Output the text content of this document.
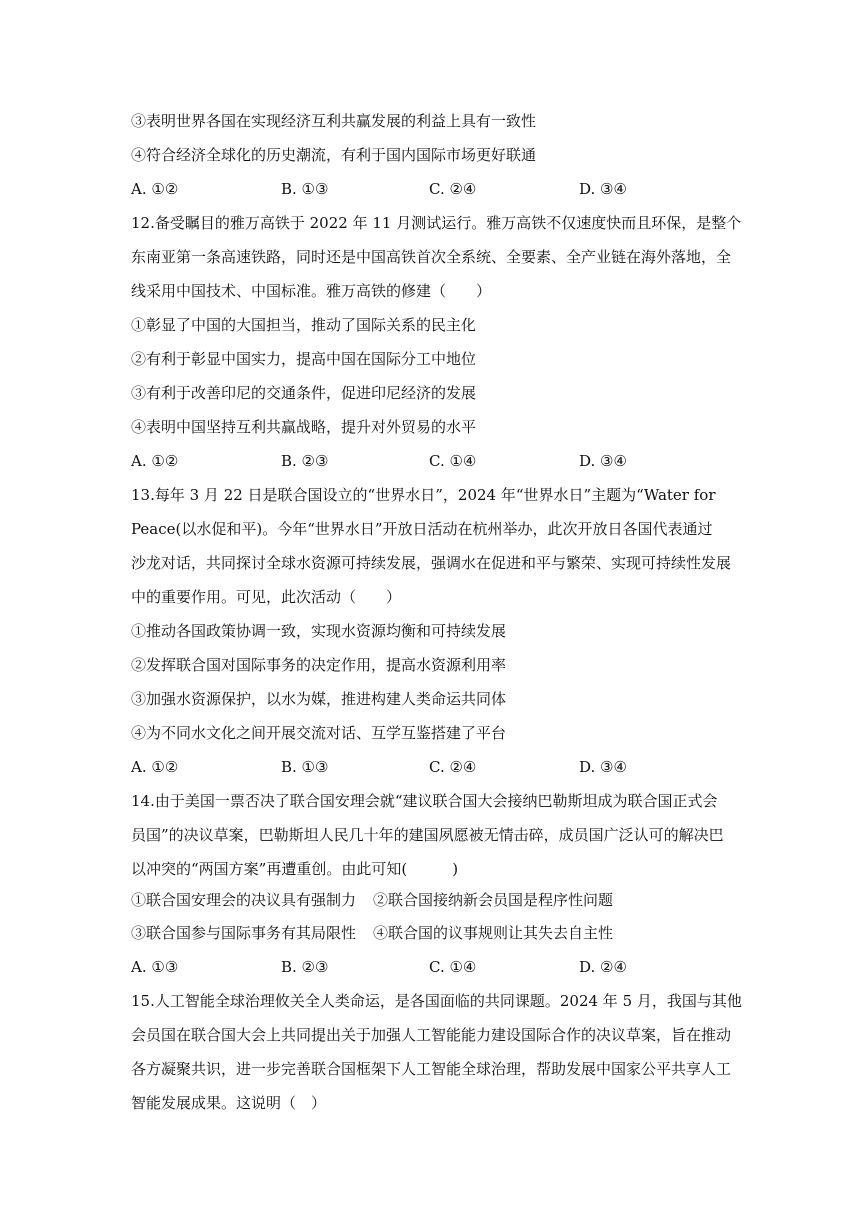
③表明世界各国在实现经济互利共赢发展的利益上具有一致性
④符合经济全球化的历史潮流，有利于国内国际市场更好联通
A. ①②	B. ①③	C. ②④	D. ③④
12.备受瞩目的雅万高铁于 2022 年 11 月测试运行。雅万高铁不仅速度快而且环保，是整个
东南亚第一条高速铁路，同时还是中国高铁首次全系统、全要素、全产业链在海外落地，全
线采用中国技术、中国标准。雅万高铁的修建（　　）
①彰显了中国的大国担当，推动了国际关系的民主化
②有利于彰显中国实力，提高中国在国际分工中地位
③有利于改善印尼的交通条件，促进印尼经济的发展
④表明中国坚持互利共赢战略，提升对外贸易的水平
A. ①②	B. ②③	C. ①④	D. ③④
13.每年 3 月 22 日是联合国设立的“世界水日”，2024 年“世界水日”主题为“Water for
Peace(以水促和平)。今年“世界水日”开放日活动在杭州举办，此次开放日各国代表通过
沙龙对话，共同探讨全球水资源可持续发展，强调水在促进和平与繁荣、实现可持续性发展
中的重要作用。可见，此次活动（　　）
①推动各国政策协调一致，实现水资源均衡和可持续发展
②发挥联合国对国际事务的决定作用，提高水资源利用率
③加强水资源保护，以水为媒，推进构建人类命运共同体
④为不同水文化之间开展交流对话、互学互鉴搭建了平台
A. ①②	B. ①③	C. ②④	D. ③④
14.由于美国一票否决了联合国安理会就“建议联合国大会接纳巴勒斯坦成为联合国正式会
员国”的决议草案，巴勒斯坦人民几十年的建国夙愿被无情击碎，成员国广泛认可的解决巴
以冲突的“两国方案”再遭重创。由此可知(　　　)
①联合国安理会的决议具有强制力 ②联合国接纳新会员国是程序性问题
③联合国参与国际事务有其局限性 ④联合国的议事规则让其失去自主性
A. ①③	B. ②③	C. ①④	D. ②④
15.人工智能全球治理攸关全人类命运，是各国面临的共同课题。2024 年 5 月，我国与其他
会员国在联合国大会上共同提出关于加强人工智能能力建设国际合作的决议草案，旨在推动
各方凝聚共识，进一步完善联合国框架下人工智能全球治理，帮助发展中国家公平共享人工
智能发展成果。这说明（　）
